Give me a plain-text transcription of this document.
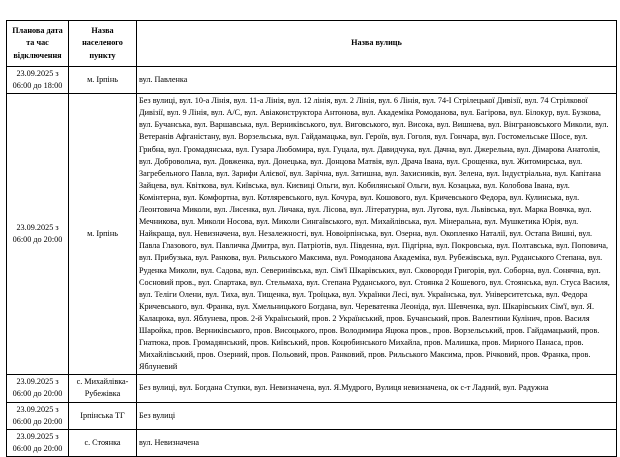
Планова дата та час відключення	Назва населеного пункту	Назва вулиць
23.09.2025 з 06:00 до 18:00	м. Ірпінь	вул. Павленка
23.09.2025 з 06:00 до 20:00	м. Ірпінь	Без вулиці, вул. 10-а Лінія, вул. 11-а Лінія, вул. 12 лінія, вул. 2 Лінія, вул. 6 Лінія, вул. 74-І Стрілецької Дивізії, вул. 74 Стрілкової Дивізії, вул. 9 Лінія, вул. А/С, вул. Авіаконструктора Антонова, вул. Академіка Ромоданова, вул. Багірова, вул. Білокур, вул. Бузкова, вул. Бучанська, вул. Варшавська, вул. Верниківського, вул. Виговського, вул. Висока, вул. Вишнева, вул. Вінграновського Миколи, вул. Ветеранів Афганістану, вул. Ворзельська, вул. Гайдамацька, вул. Героїв, вул. Гоголя, вул. Гончара, вул. Гостомельське Шосе, вул. Грибна, вул. Громадянська, вул. Гузара Любомира, вул. Гуцала, вул. Давидчука, вул. Дачна, вул. Джерельна, вул. Дімарова Анатолія, вул. Добровольча, вул. Довженка, вул. Донецька, вул. Донцова Матвія, вул. Драча Івана, вул. Срощенка, вул. Житомирська, вул. Загребельного Павла, вул. Зарифи Алієвої, вул. Зарічна, вул. Затишна, вул. Захисників, вул. Зелена, вул. Індустріальна, вул. Капітана Зайцева, вул. Квіткова, вул. Київська, вул. Києвиці Ольги, вул. Кобилянської Ольги, вул. Козацька, вул. Колобова Івана, вул. Комінтерна, вул. Комфортна, вул. Котляревського, вул. Кочура, вул. Кошового, вул. Кричевського Федора, вул. Кулинська, вул. Леонтовича Миколи, вул. Лисенка, вул. Личака, вул. Лісова, вул. Літературна, вул. Лугова, вул. Львівська, вул. Марка Вовчка, вул. Мечникова, вул. Миколи Носова, вул. Миколи Сингаївського, вул. Михайлівська, вул. Мінеральна, вул. Мушкетика Юрія, вул. Найкраща, вул. Невизначена, вул. Незалежності, вул. Новоірпінська, вул. Озерна, вул. Окопленко Наталії, вул. Остапа Вишні, вул. Павла Глазового, вул. Павличка Дмитра, вул. Патріотів, вул. Південна, вул. Підгірна, вул. Покровська, вул. Полтавська, вул. Поповича, вул. Прибузька, вул. Ранкова, вул. Рильського Максима, вул. Ромоданова Академіка, вул. Рубежівська, вул. Руданського Степана, вул. Руденка Миколи, вул. Садова, вул. Северинівська, вул. Сім'ї Шкарівських, вул. Сковороди Григорія, вул. Соборна, вул. Сонячна, вул. Сосновий пров., вул. Спартака, вул. Стельмаха, вул. Степана Руданського, вул. Стоянка 2 Кошевого, вул. Стоянська, вул. Стуса Василя, вул. Теліги Олени, вул. Тиха, вул. Тищенка, вул. Троїцька, вул. Українки Лесі, вул. Українська, вул. Університетська, вул. Федора Кричевського, вул. Франка, вул. Хмельницького Богдана, вул. Череватенка Леоніда, вул. Шевченка, вул. Шкарівських Сім'ї, вул. Я. Калацюка, вул. Яблунева, пров. 2-й Український, пров. 2 Український, пров. Бучанський, пров. Валентини Кулінич, пров. Василя Шаройка, пров. Верниківського, пров. Висоцького, пров. Володимира Яцюка пров., пров. Ворзельський, пров. Гайдамацький, пров. Гнатюка, пров. Громадянський, пров. Київський, пров. Коцюбинського Михайла, пров. Малишка, пров. Мирного Панаса, пров. Михайлівський, пров. Озерний, пров. Польовий, пров. Ранковий, пров. Рильського Максима, пров. Річковий, пров. Франка, пров. Яблуневий
23.09.2025 з 06:00 до 20:00	с. Михайлівка-Рубежівка	Без вулиці, вул. Богдана Ступки, вул. Невизначена, вул. Я.Мудрого, Вулиця невизначена, ок с-т Ладний, вул. Радужна
23.09.2025 з 06:00 до 20:00	Ірпінська ТГ	Без вулиці
23.09.2025 з 06:00 до 20:00	с. Стоянка	вул. Невизначена
